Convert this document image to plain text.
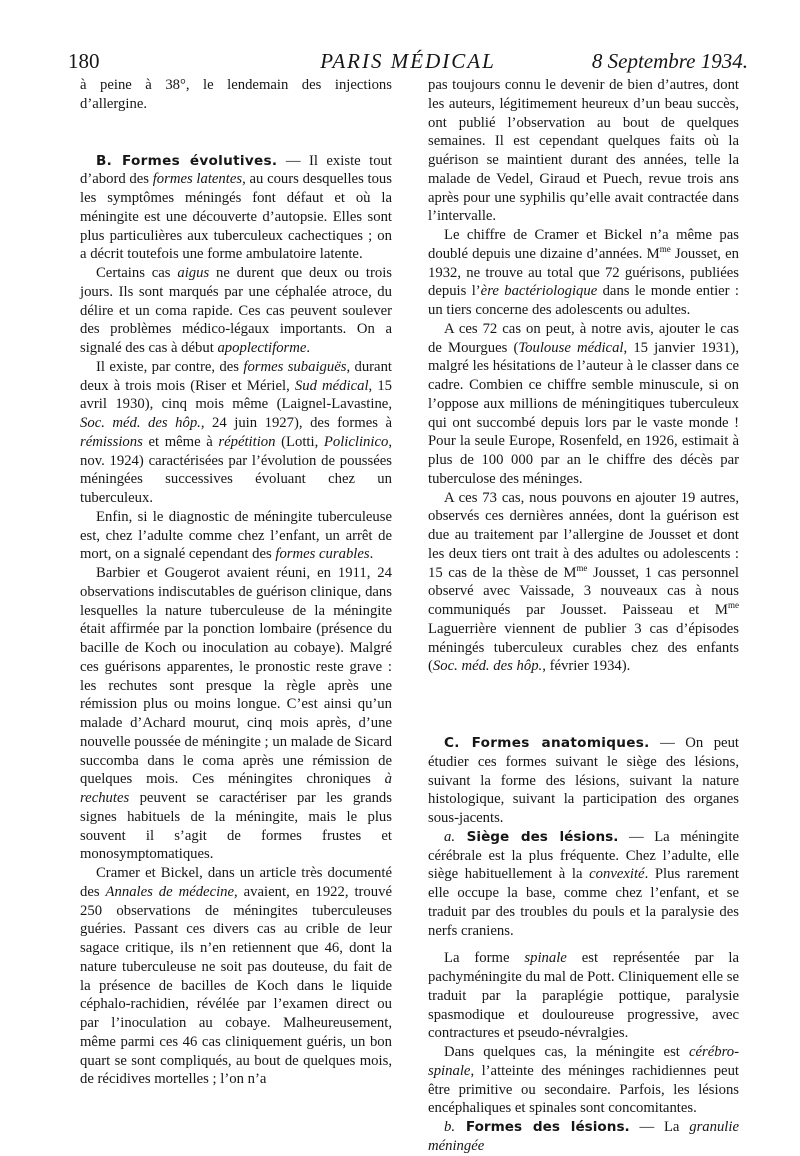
180	PARIS MÉDICAL	8 Septembre 1934.

à peine à 38°, le lendemain des injections d’allergine.

B. Formes évolutives. — Il existe tout d’abord des formes latentes, au cours desquelles tous les symptômes méningés font défaut et où la méningite est une découverte d’autopsie. Elles sont plus particulières aux tuberculeux cachectiques ; on a décrit toutefois une forme ambulatoire latente.

Certains cas aigus ne durent que deux ou trois jours. Ils sont marqués par une céphalée atroce, du délire et un coma rapide. Ces cas peuvent soulever des problèmes médico-légaux importants. On a signalé des cas à début apoplectiforme.

Il existe, par contre, des formes subaiguës, durant deux à trois mois (Riser et Mériel, Sud médical, 15 avril 1930), cinq mois même (Laignel-Lavastine, Soc. méd. des hôp., 24 juin 1927), des formes à rémissions et même à répétition (Lotti, Policlinico, nov. 1924) caractérisées par l’évolution de poussées méningées successives évoluant chez un tuberculeux.

Enfin, si le diagnostic de méningite tuberculeuse est, chez l’adulte comme chez l’enfant, un arrêt de mort, on a signalé cependant des formes curables.

Barbier et Gougerot avaient réuni, en 1911, 24 observations indiscutables de guérison clinique, dans lesquelles la nature tuberculeuse de la méningite était affirmée par la ponction lombaire (présence du bacille de Koch ou inoculation au cobaye). Malgré ces guérisons apparentes, le pronostic reste grave : les rechutes sont presque la règle après une rémission plus ou moins longue. C’est ainsi qu’un malade d’Achard mourut, cinq mois après, d’une nouvelle poussée de méningite ; un malade de Sicard succomba dans le coma après une rémission de quelques mois. Ces méningites chroniques à rechutes peuvent se caractériser par les grands signes habituels de la méningite, mais le plus souvent il s’agit de formes frustes et monosymptomatiques.

Cramer et Bickel, dans un article très documenté des Annales de médecine, avaient, en 1922, trouvé 250 observations de méningites tuberculeuses guéries. Passant ces divers cas au crible de leur sagace critique, ils n’en retiennent que 46, dont la nature tuberculeuse ne soit pas douteuse, du fait de la présence de bacilles de Koch dans le liquide céphalo-rachidien, révélée par l’examen direct ou par l’inoculation au cobaye. Malheureusement, même parmi ces 46 cas cliniquement guéris, un bon quart se sont compliqués, au bout de quelques mois, de récidives mortelles ; l’on n’a

pas toujours connu le devenir de bien d’autres, dont les auteurs, légitimement heureux d’un beau succès, ont publié l’observation au bout de quelques semaines. Il est cependant quelques faits où la guérison se maintient durant des années, telle la malade de Vedel, Giraud et Puech, revue trois ans après pour une syphilis qu’elle avait contractée dans l’intervalle.

Le chiffre de Cramer et Bickel n’a même pas doublé depuis une dizaine d’années. $M^{me}$ Jousset, en 1932, ne trouve au total que 72 guérisons, publiées depuis l’ère bactériologique dans le monde entier : un tiers concerne des adolescents ou adultes.

A ces 72 cas on peut, à notre avis, ajouter le cas de Mourgues (Toulouse médical, 15 janvier 1931), malgré les hésitations de l’auteur à le classer dans ce cadre. Combien ce chiffre semble minuscule, si on l’oppose aux millions de méningitiques tuberculeux qui ont succombé depuis lors par le vaste monde ! Pour la seule Europe, Rosenfeld, en 1926, estimait à plus de 100 000 par an le chiffre des décès par tuberculose des méninges.

A ces 73 cas, nous pouvons en ajouter 19 autres, observés ces dernières années, dont la guérison est due au traitement par l’allergine de Jousset et dont les deux tiers ont trait à des adultes ou adolescents : 15 cas de la thèse de $M^{me}$ Jousset, 1 cas personnel observé avec Vaissade, 3 nouveaux cas à nous communiqués par Jousset. Paisseau et $M^{me}$ Laguerrière viennent de publier 3 cas d’épisodes méningés tuberculeux curables chez des enfants (Soc. méd. des hôp., février 1934).

C. Formes anatomiques. — On peut étudier ces formes suivant le siège des lésions, suivant la forme des lésions, suivant la nature histologique, suivant la participation des organes sous-jacents.

a. Siège des lésions. — La méningite cérébrale est la plus fréquente. Chez l’adulte, elle siège habituellement à la convexité. Plus rarement elle occupe la base, comme chez l’enfant, et se traduit par des troubles du pouls et la paralysie des nerfs craniens.

La forme spinale est représentée par la pachyméningite du mal de Pott. Cliniquement elle se traduit par la paraplégie pottique, paralysie spasmodique et douloureuse progressive, avec contractures et pseudo-névralgies.

Dans quelques cas, la méningite est cérébro-spinale, l’atteinte des méninges rachidiennes peut être primitive ou secondaire. Parfois, les lésions encéphaliques et spinales sont concomitantes.

b. Formes des lésions. — La granulie méningée
